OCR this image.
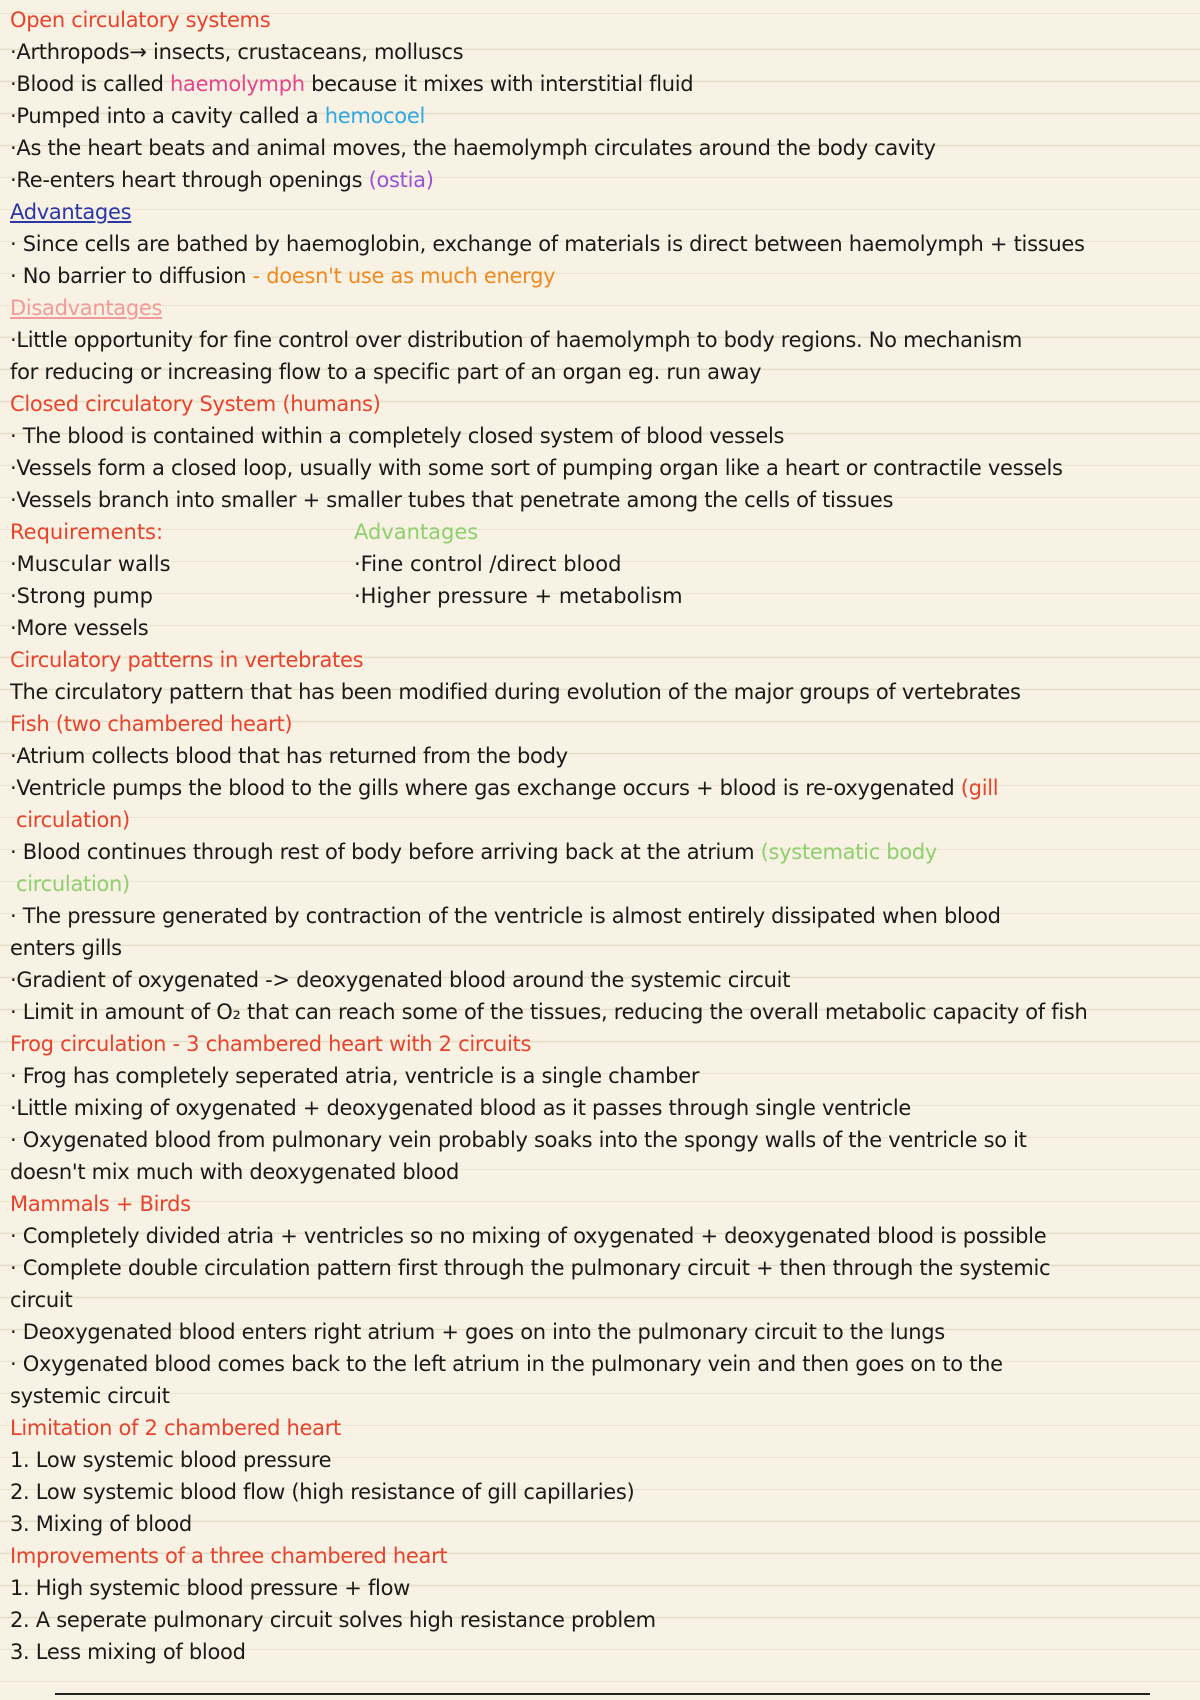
Open circulatory systems
·Arthropods→ insects, crustaceans, molluscs
·Blood is called haemolymph because it mixes with interstitial fluid
·Pumped into a cavity called a hemocoel
·As the heart beats and animal moves, the haemolymph circulates around the body cavity
·Re-enters heart through openings (ostia)
Advantages
· Since cells are bathed by haemoglobin, exchange of materials is direct between haemolymph + tissues
· No barrier to diffusion - doesn't use as much energy
Disadvantages
·Little opportunity for fine control over distribution of haemolymph to body regions. No mechanism
for reducing or increasing flow to a specific part of an organ eg. run away
Closed circulatory System (humans)
· The blood is contained within a completely closed system of blood vessels
·Vessels form a closed loop, usually with some sort of pumping organ like a heart or contractile vessels
·Vessels branch into smaller + smaller tubes that penetrate among the cells of tissues
Requirements:	Advantages
·Muscular walls	·Fine control /direct blood
·Strong pump	·Higher pressure + metabolism
·More vessels
Circulatory patterns in vertebrates
The circulatory pattern that has been modified during evolution of the major groups of vertebrates
Fish (two chambered heart)
·Atrium collects blood that has returned from the body
·Ventricle pumps the blood to the gills where gas exchange occurs + blood is re-oxygenated (gill
circulation)
· Blood continues through rest of body before arriving back at the atrium (systematic body
circulation)
· The pressure generated by contraction of the ventricle is almost entirely dissipated when blood
enters gills
·Gradient of oxygenated -> deoxygenated blood around the systemic circuit
· Limit in amount of O₂ that can reach some of the tissues, reducing the overall metabolic capacity of fish
Frog circulation - 3 chambered heart with 2 circuits
· Frog has completely seperated atria, ventricle is a single chamber
·Little mixing of oxygenated + deoxygenated blood as it passes through single ventricle
· Oxygenated blood from pulmonary vein probably soaks into the spongy walls of the ventricle so it
doesn't mix much with deoxygenated blood
Mammals + Birds
· Completely divided atria + ventricles so no mixing of oxygenated + deoxygenated blood is possible
· Complete double circulation pattern first through the pulmonary circuit + then through the systemic
circuit
· Deoxygenated blood enters right atrium + goes on into the pulmonary circuit to the lungs
· Oxygenated blood comes back to the left atrium in the pulmonary vein and then goes on to the
systemic circuit
Limitation of 2 chambered heart
1. Low systemic blood pressure
2. Low systemic blood flow (high resistance of gill capillaries)
3. Mixing of blood
Improvements of a three chambered heart
1. High systemic blood pressure + flow
2. A seperate pulmonary circuit solves high resistance problem
3. Less mixing of blood
